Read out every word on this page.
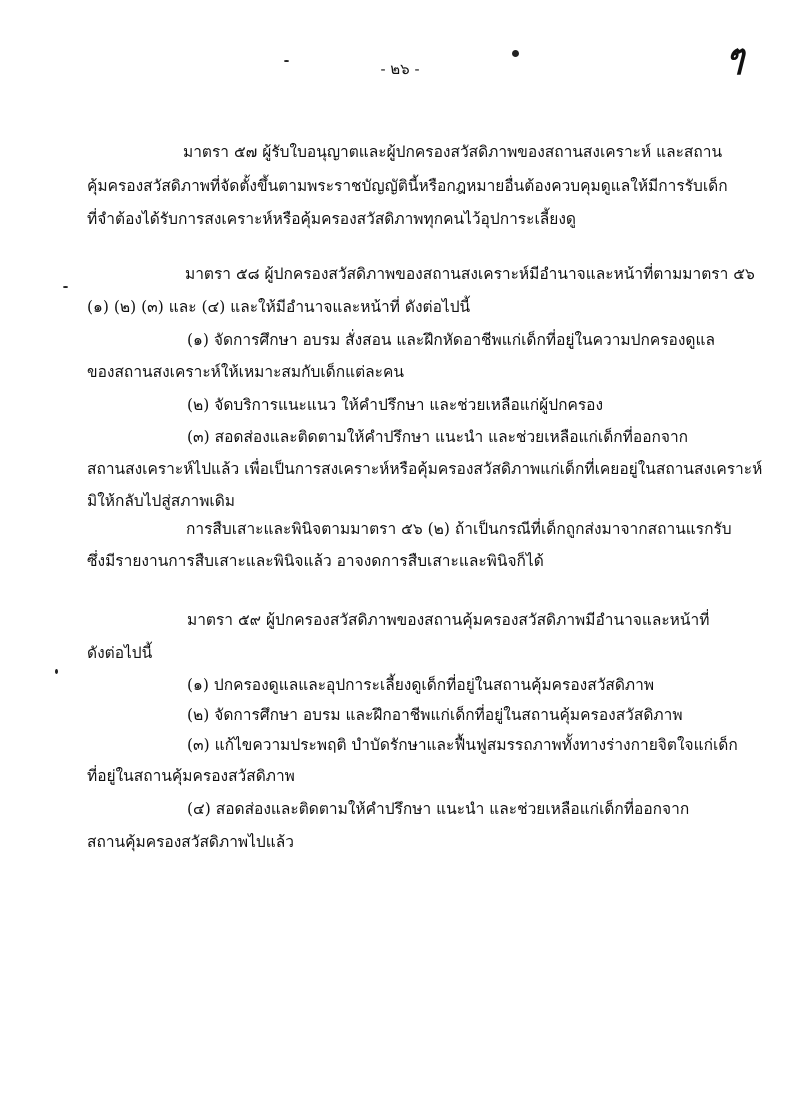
- ๒๖ -	ๆ
มาตรา ๕๗ ผู้รับใบอนุญาตและผู้ปกครองสวัสดิภาพของสถานสงเคราะห์ และสถาน
คุ้มครองสวัสดิภาพที่จัดตั้งขึ้นตามพระราชบัญญัตินี้หรือกฎหมายอื่นต้องควบคุมดูแลให้มีการรับเด็ก
ที่จำต้องได้รับการสงเคราะห์หรือคุ้มครองสวัสดิภาพทุกคนไว้อุปการะเลี้ยงดู
มาตรา ๕๘ ผู้ปกครองสวัสดิภาพของสถานสงเคราะห์มีอำนาจและหน้าที่ตามมาตรา ๕๖
(๑) (๒) (๓) และ (๔) และให้มีอำนาจและหน้าที่ ดังต่อไปนี้
(๑) จัดการศึกษา อบรม สั่งสอน และฝึกหัดอาชีพแก่เด็กที่อยู่ในความปกครองดูแล
ของสถานสงเคราะห์ให้เหมาะสมกับเด็กแต่ละคน
(๒) จัดบริการแนะแนว ให้คำปรึกษา และช่วยเหลือแก่ผู้ปกครอง
(๓) สอดส่องและติดตามให้คำปรึกษา แนะนำ และช่วยเหลือแก่เด็กที่ออกจาก
สถานสงเคราะห์ไปแล้ว เพื่อเป็นการสงเคราะห์หรือคุ้มครองสวัสดิภาพแก่เด็กที่เคยอยู่ในสถานสงเคราะห์
มิให้กลับไปสู่สภาพเดิม
การสืบเสาะและพินิจตามมาตรา ๕๖ (๒) ถ้าเป็นกรณีที่เด็กถูกส่งมาจากสถานแรกรับ
ซึ่งมีรายงานการสืบเสาะและพินิจแล้ว อาจงดการสืบเสาะและพินิจก็ได้
มาตรา ๕๙ ผู้ปกครองสวัสดิภาพของสถานคุ้มครองสวัสดิภาพมีอำนาจและหน้าที่
ดังต่อไปนี้
(๑) ปกครองดูแลและอุปการะเลี้ยงดูเด็กที่อยู่ในสถานคุ้มครองสวัสดิภาพ
(๒) จัดการศึกษา อบรม และฝึกอาชีพแก่เด็กที่อยู่ในสถานคุ้มครองสวัสดิภาพ
(๓) แก้ไขความประพฤติ บำบัดรักษาและฟื้นฟูสมรรถภาพทั้งทางร่างกายจิตใจแก่เด็ก
ที่อยู่ในสถานคุ้มครองสวัสดิภาพ
(๔) สอดส่องและติดตามให้คำปรึกษา แนะนำ และช่วยเหลือแก่เด็กที่ออกจาก
สถานคุ้มครองสวัสดิภาพไปแล้ว
